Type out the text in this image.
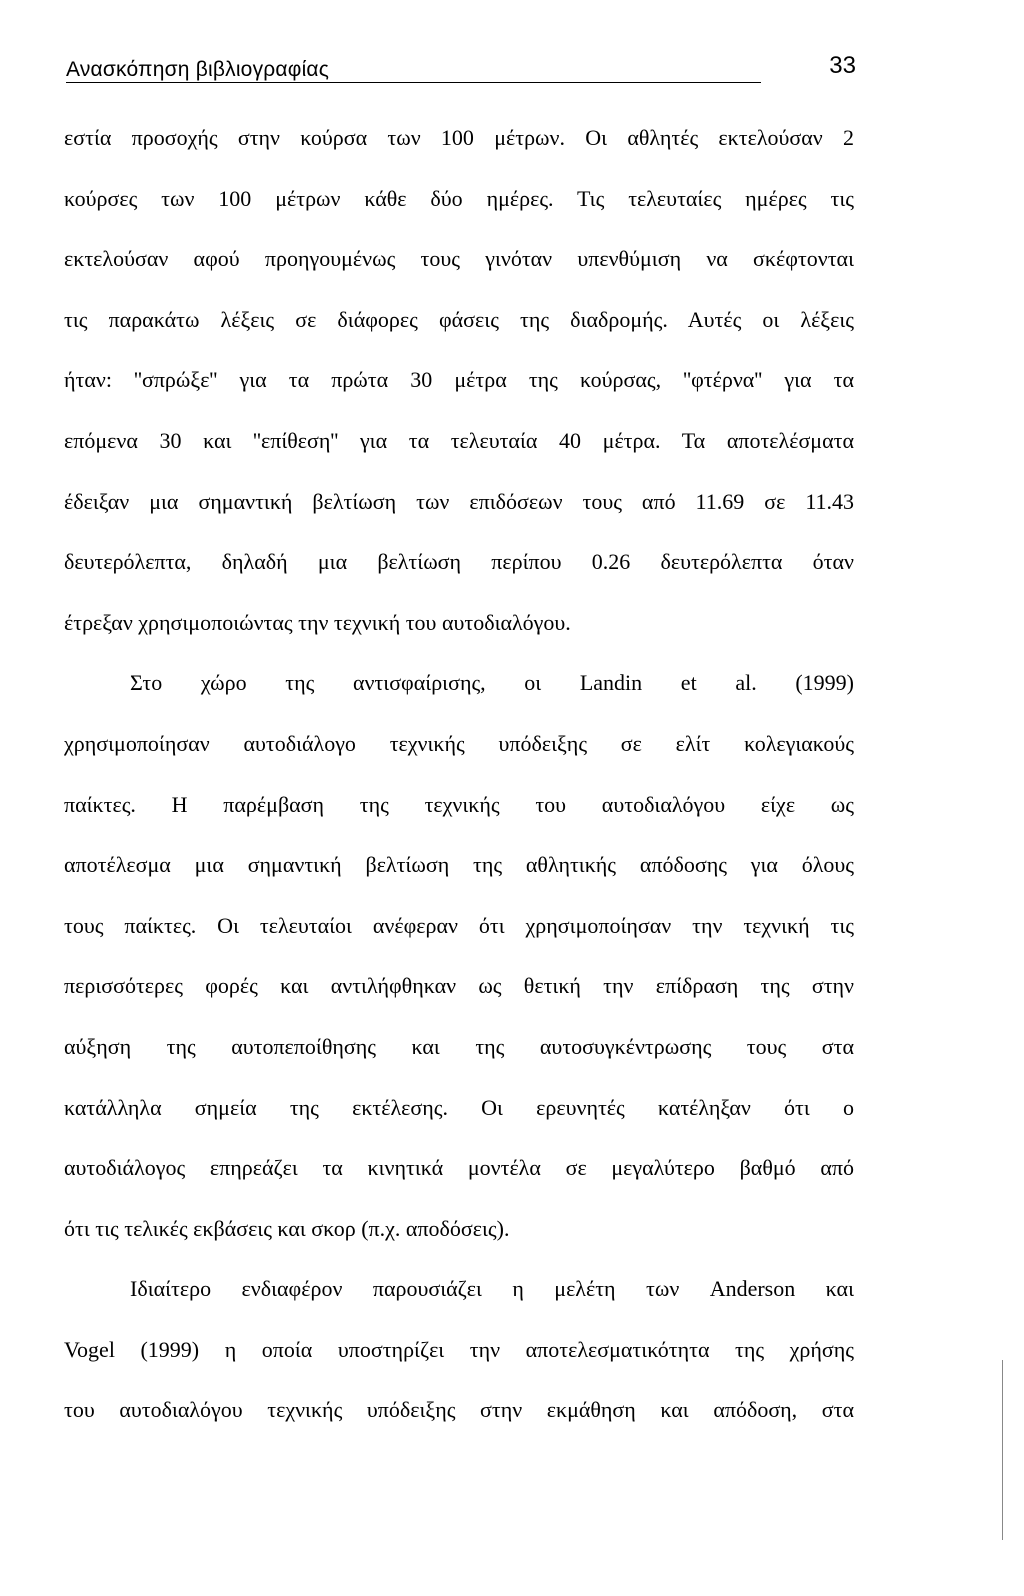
Ανασκόπηση βιβλιογραφίας	33
εστία προσοχής στην κούρσα των 100 μέτρων. Οι αθλητές εκτελούσαν 2
κούρσες των 100 μέτρων κάθε δύο ημέρες. Τις τελευταίες ημέρες τις
εκτελούσαν αφού προηγουμένως τους γινόταν υπενθύμιση να σκέφτονται
τις παρακάτω λέξεις σε διάφορες φάσεις της διαδρομής. Αυτές οι λέξεις
ήταν: ''σπρώξε'' για τα πρώτα 30 μέτρα της κούρσας, ''φτέρνα'' για τα
επόμενα 30 και ''επίθεση'' για τα τελευταία 40 μέτρα. Τα αποτελέσματα
έδειξαν μια σημαντική βελτίωση των επιδόσεων τους από 11.69 σε 11.43
δευτερόλεπτα, δηλαδή μια βελτίωση περίπου 0.26 δευτερόλεπτα όταν
έτρεξαν χρησιμοποιώντας την τεχνική του αυτοδιαλόγου.
Στο χώρο της αντισφαίρισης, οι Landin et al. (1999)
χρησιμοποίησαν αυτοδιάλογο τεχνικής υπόδειξης σε ελίτ κολεγιακούς
παίκτες. Η παρέμβαση της τεχνικής του αυτοδιαλόγου είχε ως
αποτέλεσμα μια σημαντική βελτίωση της αθλητικής απόδοσης για όλους
τους παίκτες. Οι τελευταίοι ανέφεραν ότι χρησιμοποίησαν την τεχνική τις
περισσότερες φορές και αντιλήφθηκαν ως θετική την επίδραση της στην
αύξηση της αυτοπεποίθησης και της αυτοσυγκέντρωσης τους στα
κατάλληλα σημεία της εκτέλεσης. Οι ερευνητές κατέληξαν ότι ο
αυτοδιάλογος επηρεάζει τα κινητικά μοντέλα σε μεγαλύτερο βαθμό από
ότι τις τελικές εκβάσεις και σκορ (π.χ. αποδόσεις).
Ιδιαίτερο ενδιαφέρον παρουσιάζει η μελέτη των Anderson και
Vogel (1999) η οποία υποστηρίζει την αποτελεσματικότητα της χρήσης
του αυτοδιαλόγου τεχνικής υπόδειξης στην εκμάθηση και απόδοση, στα
